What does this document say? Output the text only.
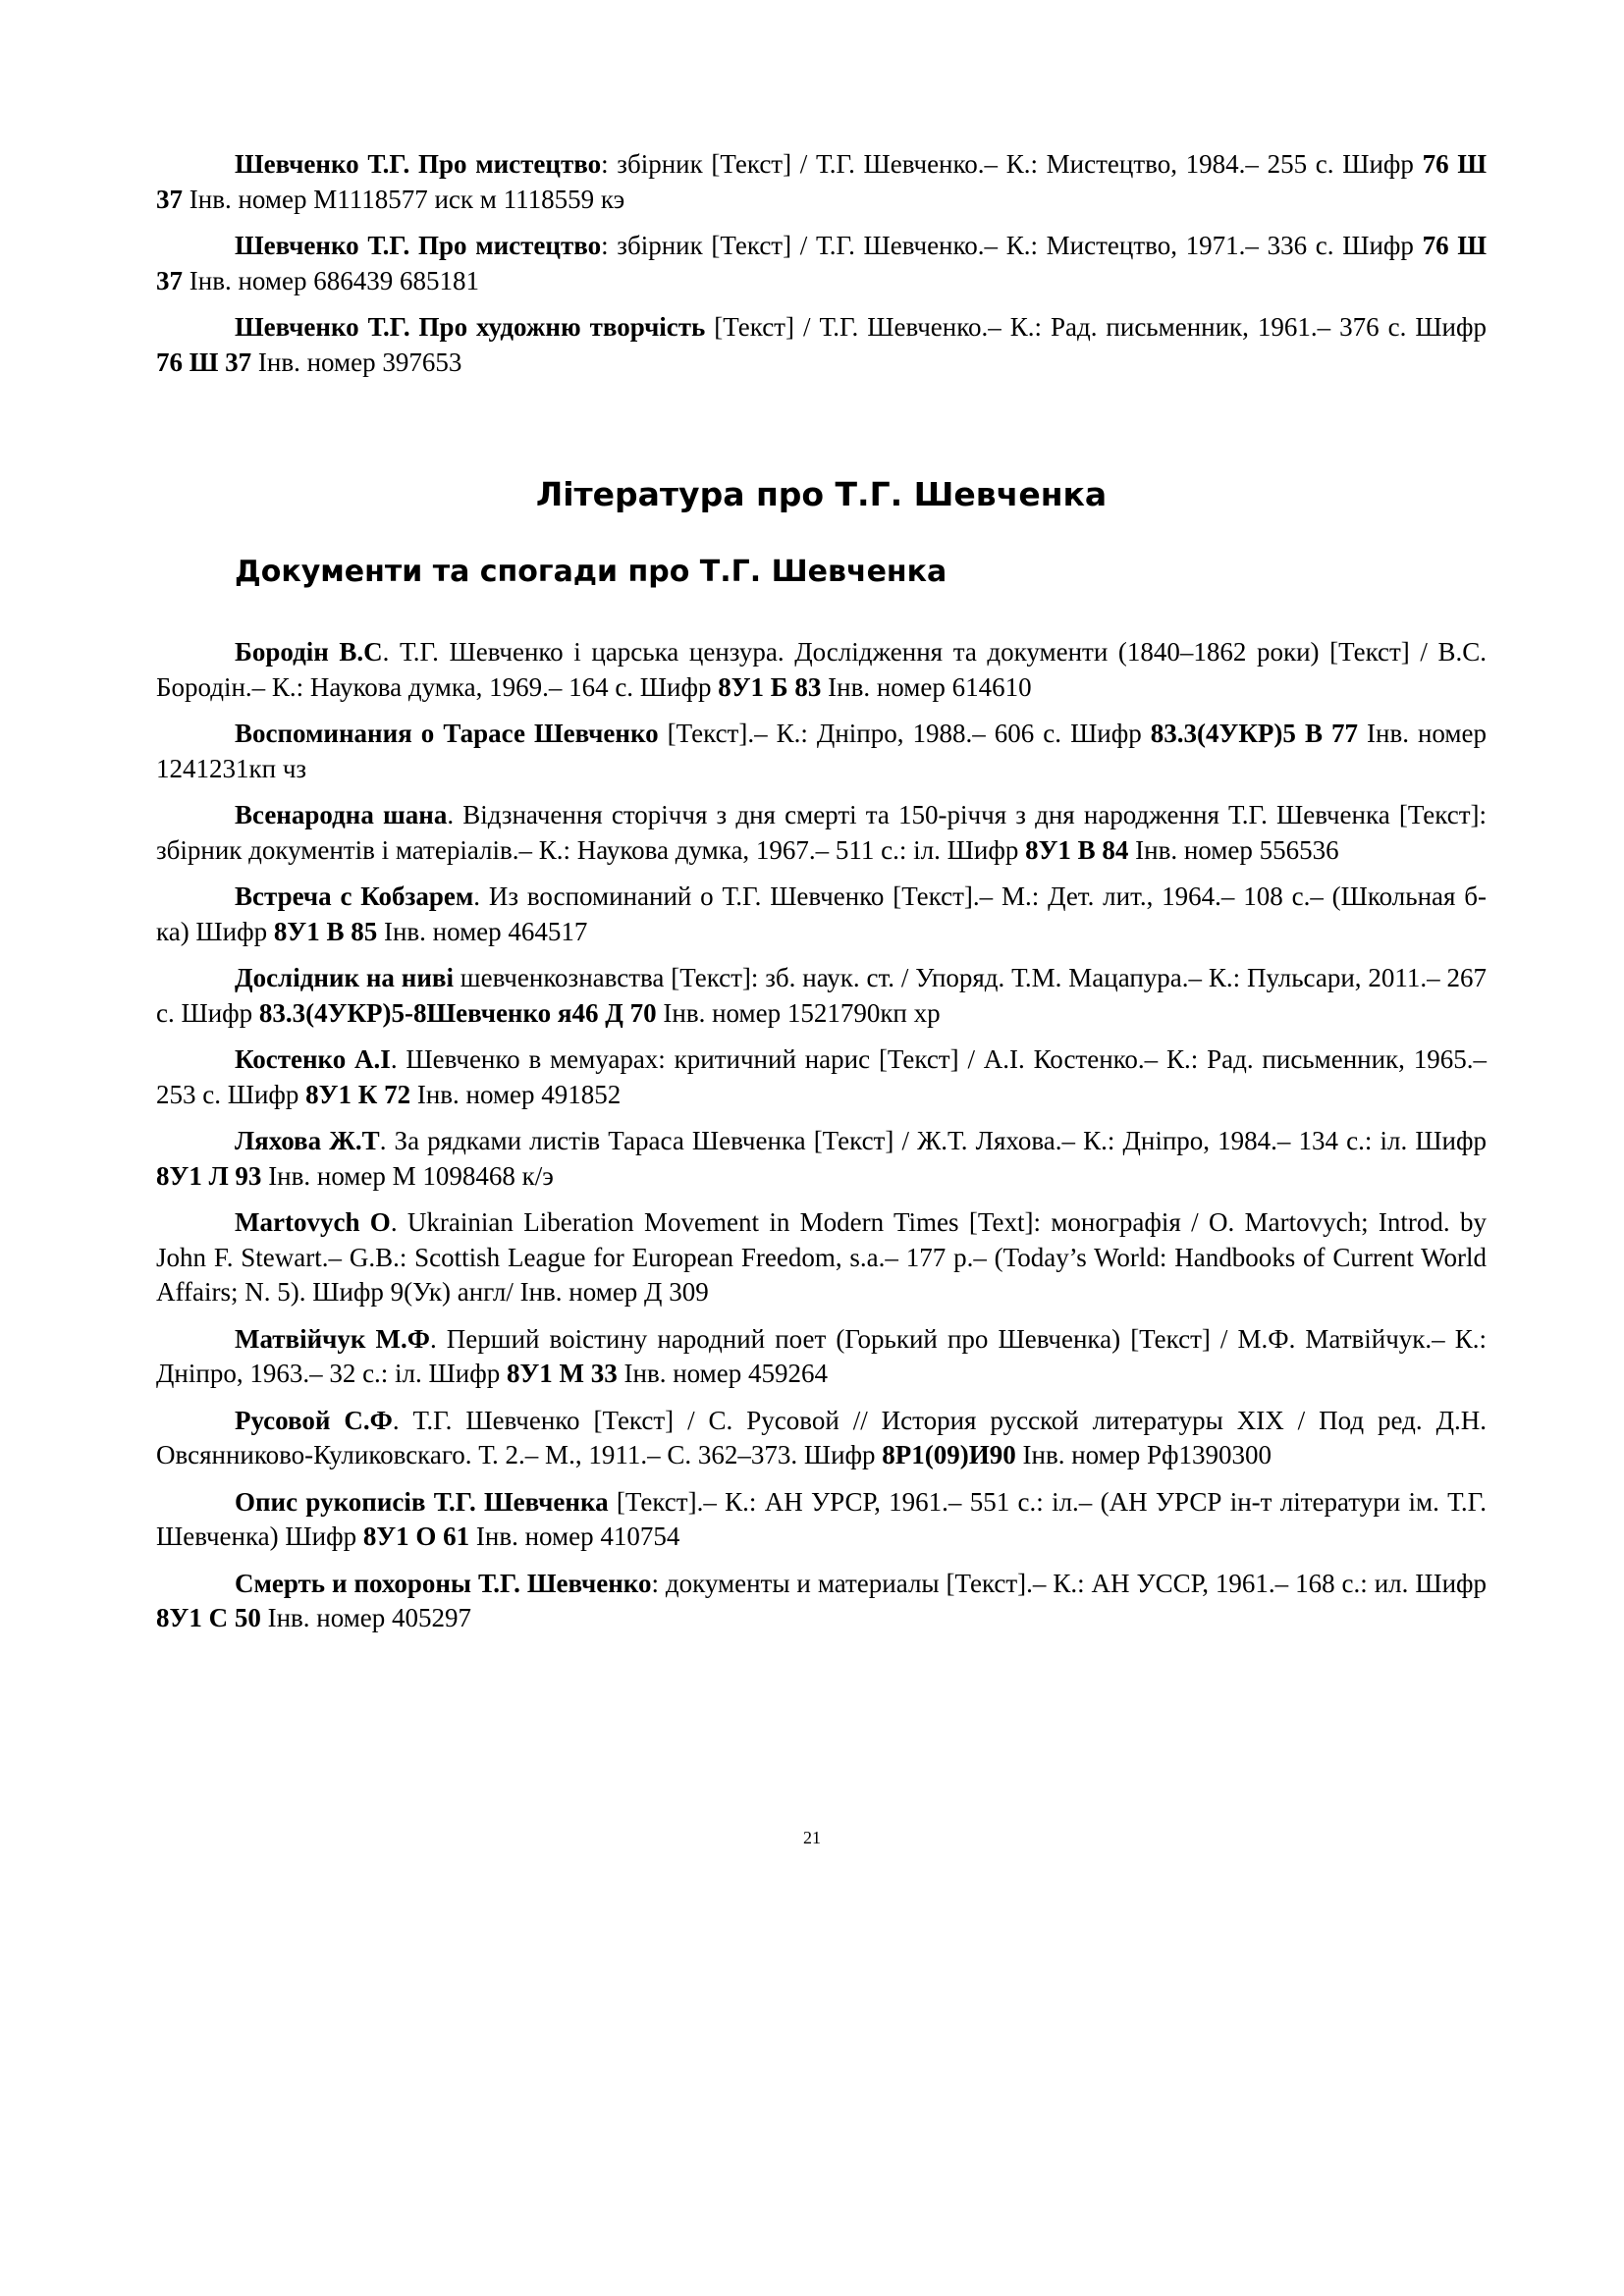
Шевченко Т.Г. Про мистецтво: збірник [Текст] / Т.Г. Шевченко.– К.: Мистецтво, 1984.– 255 с. Шифр 76 Ш 37 Інв. номер М1118577 иск м 1118559 кэ

Шевченко Т.Г. Про мистецтво: збірник [Текст] / Т.Г. Шевченко.– К.: Мистецтво, 1971.– 336 с. Шифр 76 Ш 37 Інв. номер 686439 685181

Шевченко Т.Г. Про художню творчість [Текст] / Т.Г. Шевченко.– К.: Рад. письменник, 1961.– 376 с. Шифр 76 Ш 37 Інв. номер 397653

Література про Т.Г. Шевченка
Документи та спогади про Т.Г. Шевченка

Бородін В.С. Т.Г. Шевченко і царська цензура. Дослідження та документи (1840–1862 роки) [Текст] / В.С. Бородін.– К.: Наукова думка, 1969.– 164 с. Шифр 8У1 Б 83 Інв. номер 614610

Воспоминания о Тарасе Шевченко [Текст].– К.: Дніпро, 1988.– 606 с. Шифр 83.3(4УКР)5 В 77 Інв. номер 1241231кп чз

Всенародна шана. Відзначення сторіччя з дня смерті та 150-річчя з дня народження Т.Г. Шевченка [Текст]: збірник документів і матеріалів.– К.: Наукова думка, 1967.– 511 с.: іл. Шифр 8У1 В 84 Інв. номер 556536

Встреча с Кобзарем. Из воспоминаний о Т.Г. Шевченко [Текст].– М.: Дет. лит., 1964.– 108 с.– (Школьная б-ка) Шифр 8У1 В 85 Інв. номер 464517

Дослідник на ниві шевченкознавства [Текст]: зб. наук. ст. / Упоряд. Т.М. Мацапура.– К.: Пульсари, 2011.– 267 с. Шифр 83.3(4УКР)5-8Шевченко я46 Д 70 Інв. номер 1521790кп хр

Костенко А.І. Шевченко в мемуарах: критичний нарис [Текст] / А.І. Костенко.– К.: Рад. письменник, 1965.– 253 с. Шифр 8У1 К 72 Інв. номер 491852

Ляхова Ж.Т. За рядками листів Тараса Шевченка [Текст] / Ж.Т. Ляхова.– К.: Дніпро, 1984.– 134 с.: іл. Шифр 8У1 Л 93 Інв. номер М 1098468 к/э

Martovych O. Ukrainian Liberation Movement in Modern Times [Text]: монографія / O. Martovych; Introd. by John F. Stewart.– G.B.: Scottish League for European Freedom, s.a.– 177 p.– (Today’s World: Handbooks of Current World Affairs; N. 5). Шифр 9(Ук) англ/ Інв. номер Д 309

Матвійчук М.Ф. Перший воістину народний поет (Горький про Шевченка) [Текст] / М.Ф. Матвійчук.– К.: Дніпро, 1963.– 32 с.: іл. Шифр 8У1 М 33 Інв. номер 459264

Русовой С.Ф. Т.Г. Шевченко [Текст] / С. Русовой // История русской литературы XIX / Под ред. Д.Н. Овсянниково-Куликовскаго. Т. 2.– М., 1911.– С. 362–373. Шифр 8Р1(09)И90 Інв. номер Рф1390300

Опис рукописів Т.Г. Шевченка [Текст].– К.: АН УРСР, 1961.– 551 с.: іл.– (АН УРСР ін-т літератури ім. Т.Г. Шевченка) Шифр 8У1 О 61 Інв. номер 410754

Смерть и похороны Т.Г. Шевченко: документы и материалы [Текст].– К.: АН УССР, 1961.– 168 с.: ил. Шифр 8У1 С 50 Інв. номер 405297

21
